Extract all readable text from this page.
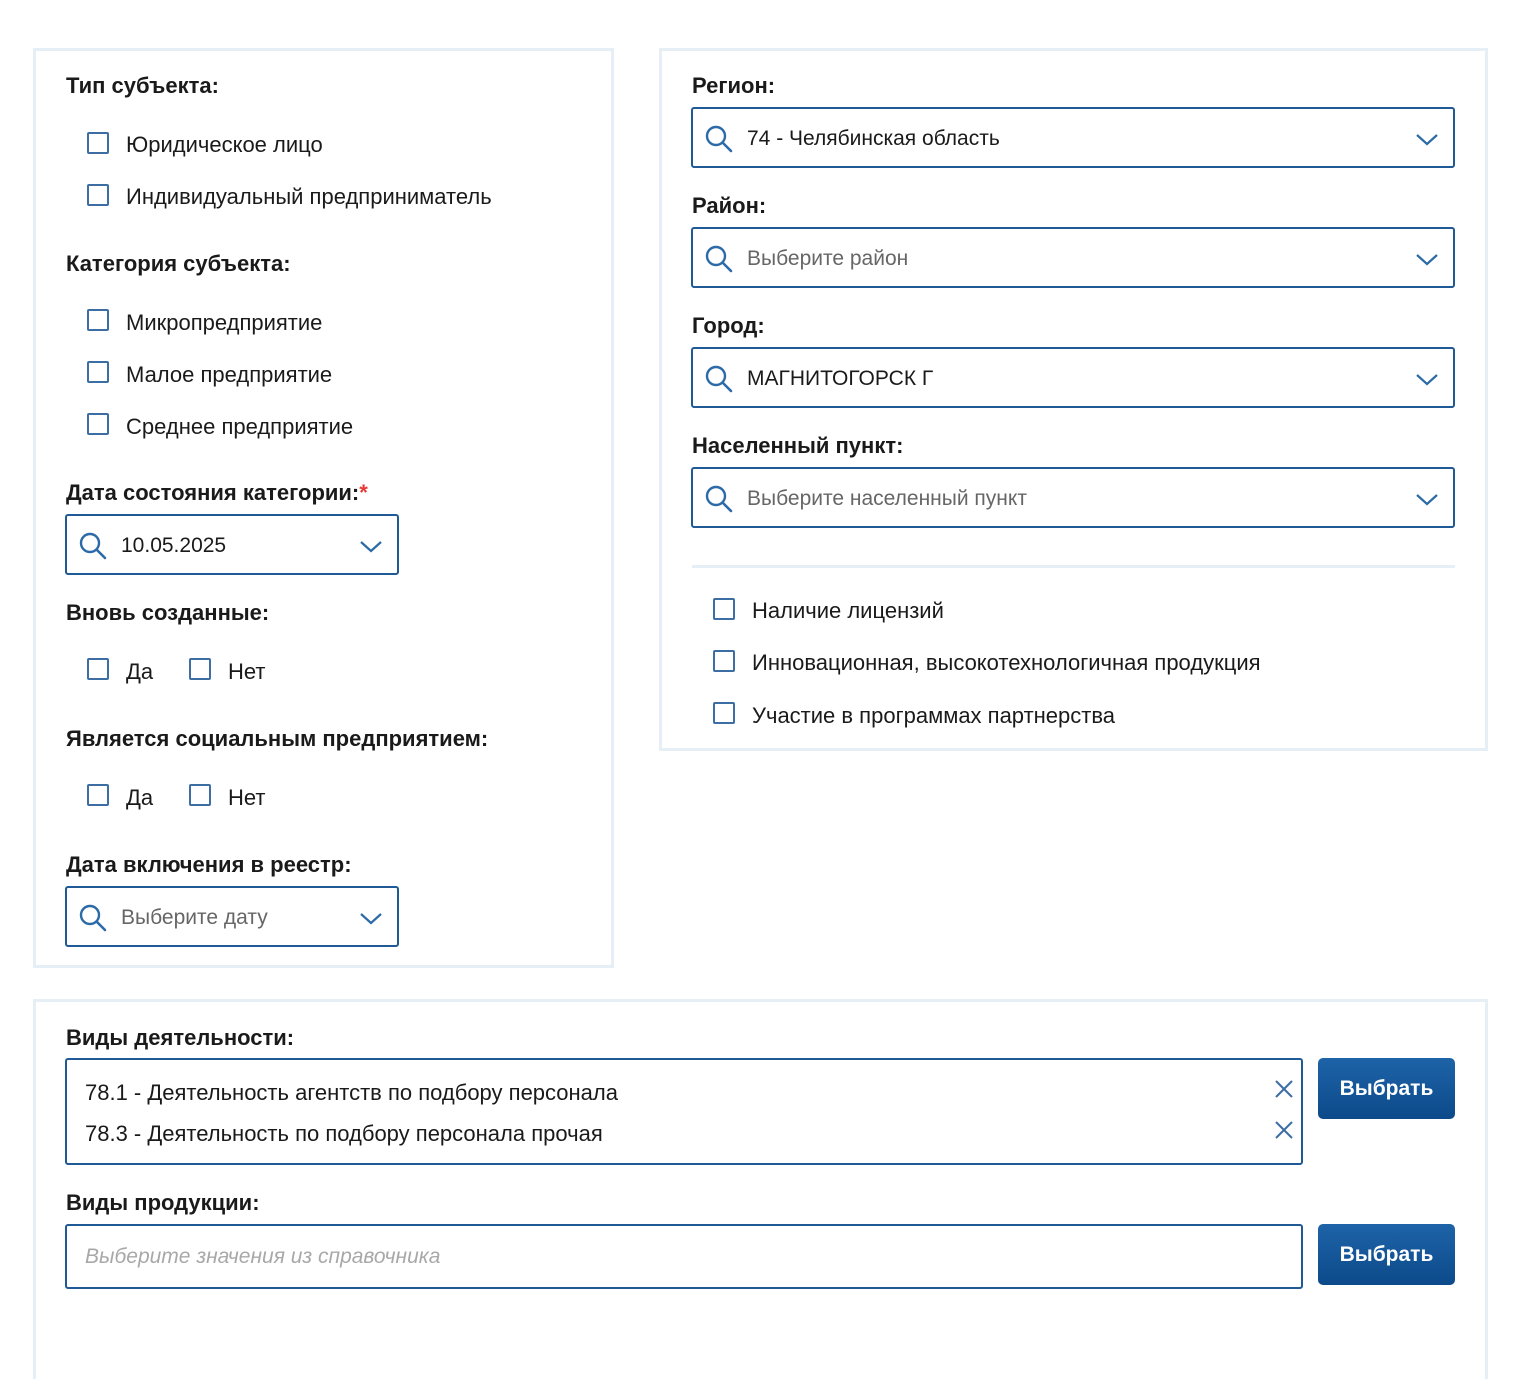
Тип субъекта:
Юридическое лицо
Индивидуальный предприниматель
Категория субъекта:
Микропредприятие
Малое предприятие
Среднее предприятие
Дата состояния категории:*
10.05.2025
Вновь созданные:
Да	Нет
Является социальным предприятием:
Да	Нет
Дата включения в реестр:
Выберите дату
Регион:
74 - Челябинская область
Район:
Выберите район
Город:
МАГНИТОГОРСК Г
Населенный пункт:
Выберите населенный пункт
Наличие лицензий
Инновационная, высокотехнологичная продукция
Участие в программах партнерства
Виды деятельности:
78.1 - Деятельность агентств по подбору персонала
78.3 - Деятельность по подбору персонала прочая
Выбрать
Виды продукции:
Выберите значения из справочника	Выбрать
